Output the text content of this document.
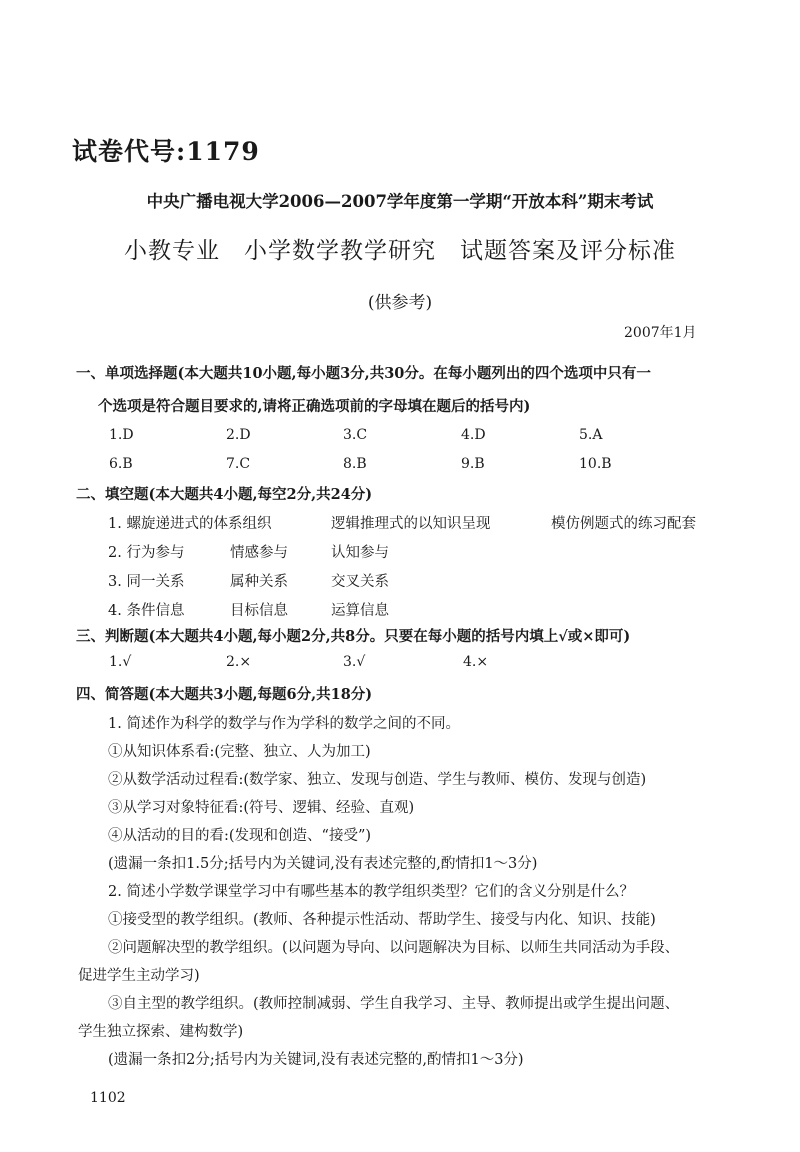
试卷代号:1179
中央广播电视大学2006—2007学年度第一学期“开放本科”期末考试
小教专业　小学数学教学研究　试题答案及评分标准
(供参考)
2007年1月
一、单项选择题(本大题共10小题,每小题3分,共30分。在每小题列出的四个选项中只有一
个选项是符合题目要求的,请将正确选项前的字母填在题后的括号内)
1.D	2.D	3.C	4.D	5.A
6.B	7.C	8.B	9.B	10.B
二、填空题(本大题共4小题,每空2分,共24分)
1. 螺旋递进式的体系组织	逻辑推理式的以知识呈现	模仿例题式的练习配套
2. 行为参与	情感参与	认知参与
3. 同一关系	属种关系	交叉关系
4. 条件信息	目标信息	运算信息
三、判断题(本大题共4小题,每小题2分,共8分。只要在每小题的括号内填上√或×即可)
1.√	2.×	3.√	4.×
四、简答题(本大题共3小题,每题6分,共18分)
1. 简述作为科学的数学与作为学科的数学之间的不同。
①从知识体系看:(完整、独立、人为加工)
②从数学活动过程看:(数学家、独立、发现与创造、学生与教师、模仿、发现与创造)
③从学习对象特征看:(符号、逻辑、经验、直观)
④从活动的目的看:(发现和创造、“接受”)
(遗漏一条扣1.5分;括号内为关键词,没有表述完整的,酌情扣1～3分)
2. 简述小学数学课堂学习中有哪些基本的教学组织类型？它们的含义分别是什么？
①接受型的教学组织。(教师、各种提示性活动、帮助学生、接受与内化、知识、技能)
②问题解决型的教学组织。(以问题为导向、以问题解决为目标、以师生共同活动为手段、
促进学生主动学习)
③自主型的教学组织。(教师控制减弱、学生自我学习、主导、教师提出或学生提出问题、
学生独立探索、建构数学)
(遗漏一条扣2分;括号内为关键词,没有表述完整的,酌情扣1～3分)
1102
